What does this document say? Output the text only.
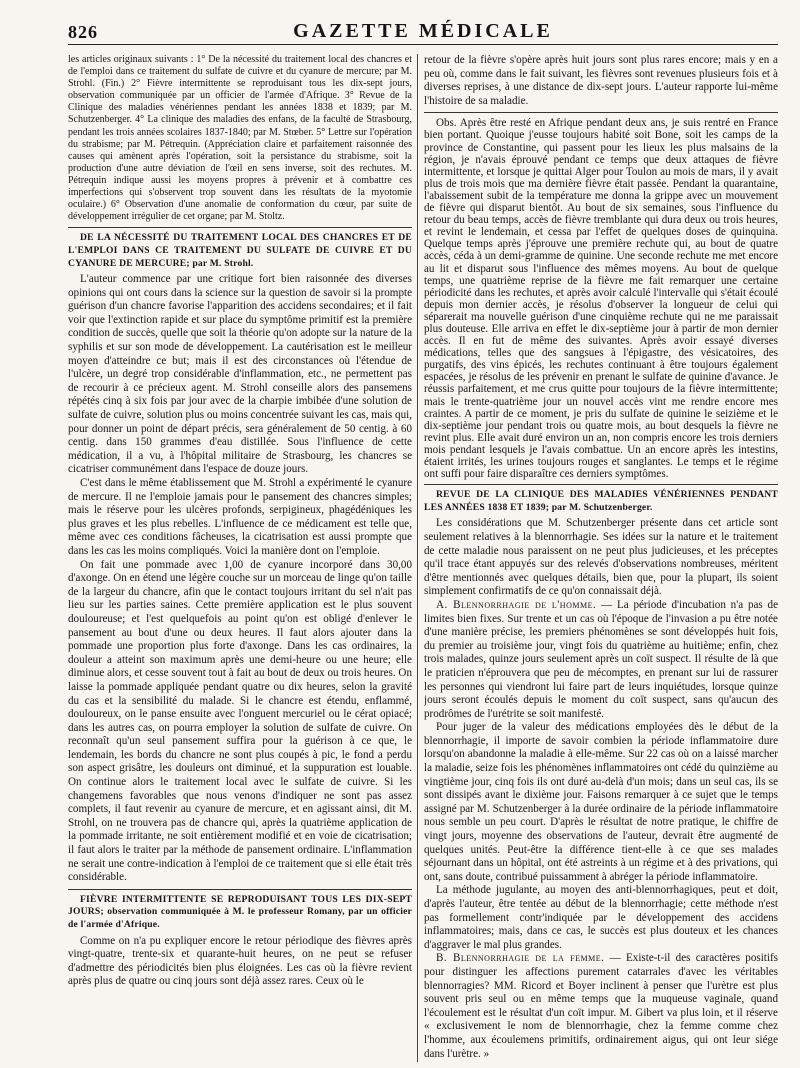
826	GAZETTE MÉDICALE

les articles originaux suivants : 1° De la nécessité du traitement local des chancres et de l'emploi dans ce traitement du sulfate de cuivre et du cyanure de mercure; par M. Strohl. (Fin.) 2° Fièvre intermittente se reproduisant tous les dix-sept jours, observation communiquée par un officier de l'armée d'Afrique. 3° Revue de la Clinique des maladies vénériennes pendant les années 1838 et 1839; par M. Schutzenberger. 4° La clinique des maladies des enfans, de la faculté de Strasbourg, pendant les trois années scolaires 1837-1840; par M. Stœber. 5° Lettre sur l'opération du strabisme; par M. Pétrequin. (Appréciation claire et parfaitement raisonnée des causes qui amènent après l'opération, soit la persistance du strabisme, soit la production d'une autre déviation de l'œil en sens inverse, soit des rechutes. M. Pétrequin indique aussi les moyens propres à prévenir et à combattre ces imperfections qui s'observent trop souvent dans les résultats de la myotomie oculaire.) 6° Observation d'une anomalie de conformation du cœur, par suite de développement irrégulier de cet organe; par M. Stoltz.

DE LA NÉCESSITÉ DU TRAITEMENT LOCAL DES CHANCRES ET DE L'EMPLOI DANS CE TRAITEMENT DU SULFATE DE CUIVRE ET DU CYANURE DE MERCURE; par M. Strohl.

L'auteur commence par une critique fort bien raisonnée des diverses opinions qui ont cours dans la science sur la question de savoir si la prompte guérison d'un chancre favorise l'apparition des accidens secondaires; et il fait voir que l'extinction rapide et sur place du symptôme primitif est la première condition de succès, quelle que soit la théorie qu'on adopte sur la nature de la syphilis et sur son mode de développement. La cautérisation est le meilleur moyen d'atteindre ce but; mais il est des circonstances où l'étendue de l'ulcère, un degré trop considérable d'inflammation, etc., ne permettent pas de recourir à ce précieux agent. M. Strohl conseille alors des pansemens répétés cinq à six fois par jour avec de la charpie imbibée d'une solution de sulfate de cuivre, solution plus ou moins concentrée suivant les cas, mais qui, pour donner un point de départ précis, sera généralement de 50 centig. à 60 centig. dans 150 grammes d'eau distillée. Sous l'influence de cette médication, il a vu, à l'hôpital militaire de Strasbourg, les chancres se cicatriser communément dans l'espace de douze jours.

C'est dans le même établissement que M. Strohl a expérimenté le cyanure de mercure. Il ne l'emploie jamais pour le pansement des chancres simples; mais le réserve pour les ulcères profonds, serpigineux, phagédéniques les plus graves et les plus rebelles. L'influence de ce médicament est telle que, même avec ces conditions fâcheuses, la cicatrisation est aussi prompte que dans les cas les moins compliqués. Voici la manière dont on l'emploie.

On fait une pommade avec 1,00 de cyanure incorporé dans 30,00 d'axonge. On en étend une légère couche sur un morceau de linge qu'on taille de la largeur du chancre, afin que le contact toujours irritant du sel n'ait pas lieu sur les parties saines. Cette première application est le plus souvent douloureuse; et l'est quelquefois au point qu'on est obligé d'enlever le pansement au bout d'une ou deux heures. Il faut alors ajouter dans la pommade une proportion plus forte d'axonge. Dans les cas ordinaires, la douleur a atteint son maximum après une demi-heure ou une heure; elle diminue alors, et cesse souvent tout à fait au bout de deux ou trois heures. On laisse la pommade appliquée pendant quatre ou dix heures, selon la gravité du cas et la sensibilité du malade. Si le chancre est étendu, enflammé, douloureux, on le panse ensuite avec l'onguent mercuriel ou le cérat opiacé; dans les autres cas, on pourra employer la solution de sulfate de cuivre. On reconnaît qu'un seul pansement suffira pour la guérison à ce que, le lendemain, les bords du chancre ne sont plus coupés à pic, le fond a perdu son aspect grisâtre, les douleurs ont diminué, et la suppuration est louable. On continue alors le traitement local avec le sulfate de cuivre. Si les changemens favorables que nous venons d'indiquer ne sont pas assez complets, il faut revenir au cyanure de mercure, et en agissant ainsi, dit M. Strohl, on ne trouvera pas de chancre qui, après la quatrième application de la pommade irritante, ne soit entièrement modifié et en voie de cicatrisation; il faut alors le traiter par la méthode de pansement ordinaire. L'inflammation ne serait une contre-indication à l'emploi de ce traitement que si elle était très considérable.

FIÈVRE INTERMITTENTE SE REPRODUISANT TOUS LES DIX-SEPT JOURS; observation communiquée à M. le professeur Romany, par un officier de l'armée d'Afrique.

Comme on n'a pu expliquer encore le retour périodique des fièvres après vingt-quatre, trente-six et quarante-huit heures, on ne peut se refuser d'admettre des périodicités bien plus éloignées. Les cas où la fièvre revient après plus de quatre ou cinq jours sont déjà assez rares. Ceux où le

retour de la fièvre s'opère après huit jours sont plus rares encore; mais y en a peu où, comme dans le fait suivant, les fièvres sont revenues plusieurs fois et à diverses reprises, à une distance de dix-sept jours. L'auteur rapporte lui-même l'histoire de sa maladie.

Obs. Après être resté en Afrique pendant deux ans, je suis rentré en France bien portant. Quoique j'eusse toujours habité soit Bone, soit les camps de la province de Constantine, qui passent pour les lieux les plus malsains de la région, je n'avais éprouvé pendant ce temps que deux attaques de fièvre intermittente, et lorsque je quittai Alger pour Toulon au mois de mars, il y avait plus de trois mois que ma dernière fièvre était passée. Pendant la quarantaine, l'abaissement subit de la température me donna la grippe avec un mouvement de fièvre qui disparut bientôt. Au bout de six semaines, sous l'influence du retour du beau temps, accès de fièvre tremblante qui dura deux ou trois heures, et revint le lendemain, et cessa par l'effet de quelques doses de quinquina. Quelque temps après j'éprouve une première rechute qui, au bout de quatre accès, céda à un demi-gramme de quinine. Une seconde rechute me met encore au lit et disparut sous l'influence des mêmes moyens. Au bout de quelque temps, une quatrième reprise de la fièvre me fait remarquer une certaine périodicité dans les rechutes, et après avoir calculé l'intervalle qui s'était écoulé depuis mon dernier accès, je résolus d'observer la longueur de celui qui séparerait ma nouvelle guérison d'une cinquième rechute qui ne me paraissait plus douteuse. Elle arriva en effet le dix-septième jour à partir de mon dernier accès. Il en fut de même des suivantes. Après avoir essayé diverses médications, telles que des sangsues à l'épigastre, des vésicatoires, des purgatifs, des vins épicés, les rechutes continuant à être toujours également espacées, je résolus de les prévenir en prenant le sulfate de quinine d'avance. Je réussis parfaitement, et me crus quitte pour toujours de la fièvre intermittente; mais le trente-quatrième jour un nouvel accès vint me rendre encore mes craintes. A partir de ce moment, je pris du sulfate de quinine le seizième et le dix-septième jour pendant trois ou quatre mois, au bout desquels la fièvre ne revint plus. Elle avait duré environ un an, non compris encore les trois derniers mois pendant lesquels je l'avais combattue. Un an encore après les intestins, étaient irrités, les urines toujours rouges et sanglantes. Le temps et le régime ont suffi pour faire disparaître ces derniers symptômes.

REVUE DE LA CLINIQUE DES MALADIES VÉNÉRIENNES PENDANT LES ANNÉES 1838 ET 1839; par M. Schutzenberger.

Les considérations que M. Schutzenberger présente dans cet article sont seulement relatives à la blennorrhagie. Ses idées sur la nature et le traitement de cette maladie nous paraissent on ne peut plus judicieuses, et les préceptes qu'il trace étant appuyés sur des relevés d'observations nombreuses, méritent d'être mentionnés avec quelques détails, bien que, pour la plupart, ils soient simplement confirmatifs de ce qu'on connaissait déjà.

A. Blennorrhagie de l'homme. — La période d'incubation n'a pas de limites bien fixes. Sur trente et un cas où l'époque de l'invasion a pu être notée d'une manière précise, les premiers phénomènes se sont développés huit fois, du premier au troisième jour, vingt fois du quatrième au huitième; enfin, chez trois malades, quinze jours seulement après un coït suspect. Il résulte de là que le praticien n'éprouvera que peu de mécomptes, en prenant sur lui de rassurer les personnes qui viendront lui faire part de leurs inquiétudes, lorsque quinze jours seront écoulés depuis le moment du coït suspect, sans qu'aucun des prodrômes de l'urétrite se soit manifesté.

Pour juger de la valeur des médications employées dès le début de la blennorrhagie, il importe de savoir combien la période inflammatoire dure lorsqu'on abandonne la maladie à elle-même. Sur 22 cas où on a laissé marcher la maladie, seize fois les phénomènes inflammatoires ont cédé du quinzième au vingtième jour, cinq fois ils ont duré au-delà d'un mois; dans un seul cas, ils se sont dissipés avant le dixième jour. Faisons remarquer à ce sujet que le temps assigné par M. Schutzenberger à la durée ordinaire de la période inflammatoire nous semble un peu court. D'après le résultat de notre pratique, le chiffre de vingt jours, moyenne des observations de l'auteur, devrait être augmenté de quelques unités. Peut-être la différence tient-elle à ce que ses malades séjournant dans un hôpital, ont été astreints à un régime et à des privations, qui ont, sans doute, contribué puissamment à abréger la période inflammatoire.

La méthode jugulante, au moyen des anti-blennorrhagiques, peut et doit, d'après l'auteur, être tentée au début de la blennorrhagie; cette méthode n'est pas formellement contr'indiquée par le développement des accidens inflammatoires; mais, dans ce cas, le succès est plus douteux et les chances d'aggraver le mal plus grandes.

B. Blennorrhagie de la femme. — Existe-t-il des caractères positifs pour distinguer les affections purement catarrales d'avec les véritables blennorragies? MM. Ricord et Boyer inclinent à penser que l'urètre est plus souvent pris seul ou en même temps que la muqueuse vaginale, quand l'écoulement est le résultat d'un coït impur. M. Gibert va plus loin, et il réserve « exclusivement le nom de blennorrhagie, chez la femme comme chez l'homme, aux écoulemens primitifs, ordinairement aigus, qui ont leur siége dans l'urètre. »
